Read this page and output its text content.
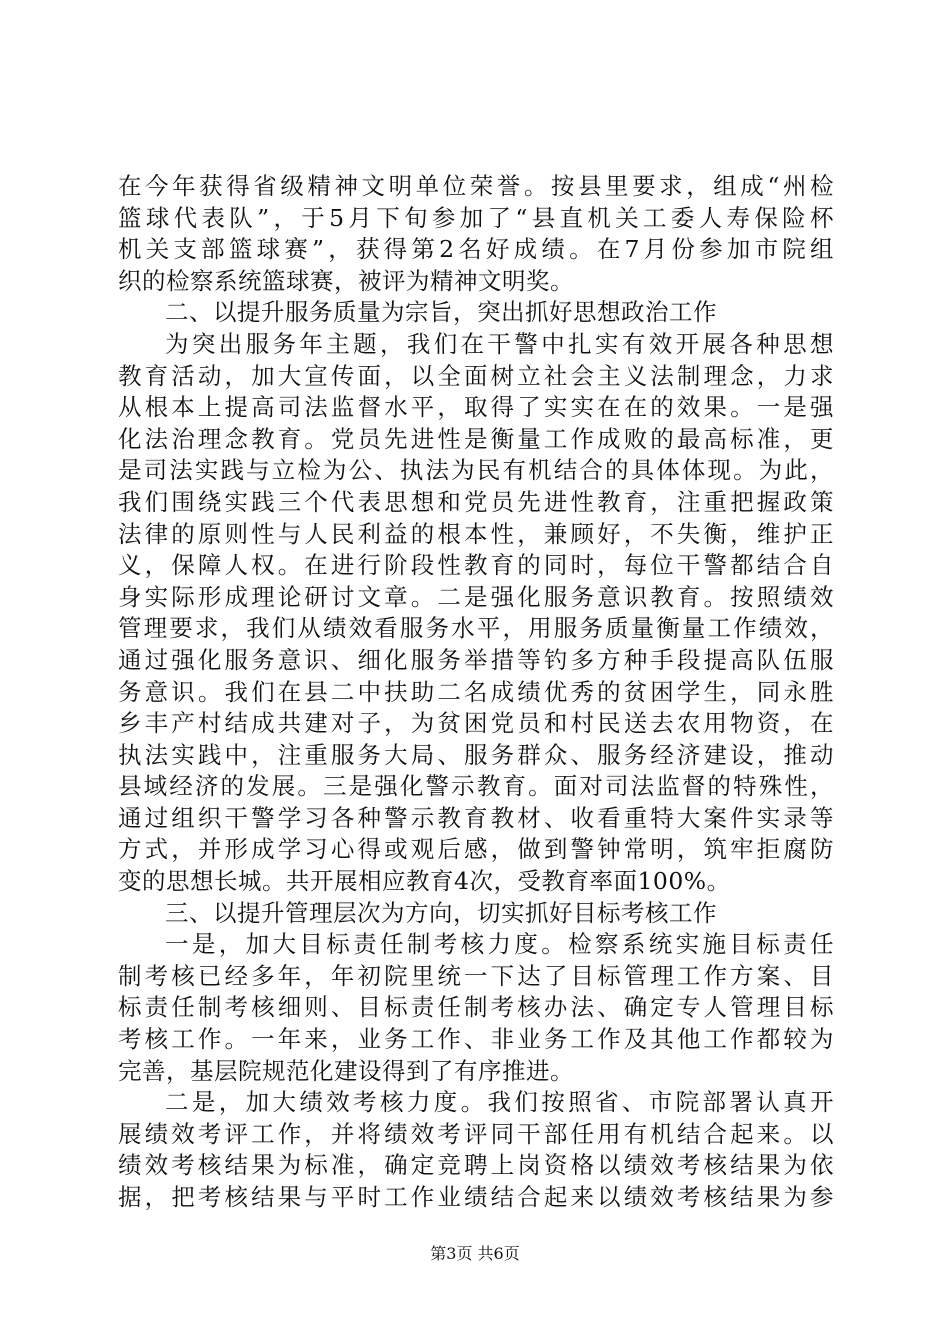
在今年获得省级精神文明单位荣誉。按县里要求，组成“州检
篮球代表队”，于5月下旬参加了“县直机关工委人寿保险杯
机关支部篮球赛”，获得第2名好成绩。在7月份参加市院组
织的检察系统篮球赛，被评为精神文明奖。
二、以提升服务质量为宗旨，突出抓好思想政治工作
为突出服务年主题，我们在干警中扎实有效开展各种思想
教育活动，加大宣传面，以全面树立社会主义法制理念，力求
从根本上提高司法监督水平，取得了实实在在的效果。一是强
化法治理念教育。党员先进性是衡量工作成败的最高标准，更
是司法实践与立检为公、执法为民有机结合的具体体现。为此，
我们围绕实践三个代表思想和党员先进性教育，注重把握政策
法律的原则性与人民利益的根本性，兼顾好，不失衡，维护正
义，保障人权。在进行阶段性教育的同时，每位干警都结合自
身实际形成理论研讨文章。二是强化服务意识教育。按照绩效
管理要求，我们从绩效看服务水平，用服务质量衡量工作绩效，
通过强化服务意识、细化服务举措等钓多方种手段提高队伍服
务意识。我们在县二中扶助二名成绩优秀的贫困学生，同永胜
乡丰产村结成共建对子，为贫困党员和村民送去农用物资，在
执法实践中，注重服务大局、服务群众、服务经济建设，推动
县域经济的发展。三是强化警示教育。面对司法监督的特殊性，
通过组织干警学习各种警示教育教材、收看重特大案件实录等
方式，并形成学习心得或观后感，做到警钟常明，筑牢拒腐防
变的思想长城。共开展相应教育4次，受教育率面100%。
三、以提升管理层次为方向，切实抓好目标考核工作
一是，加大目标责任制考核力度。检察系统实施目标责任
制考核已经多年，年初院里统一下达了目标管理工作方案、目
标责任制考核细则、目标责任制考核办法、确定专人管理目标
考核工作。一年来，业务工作、非业务工作及其他工作都较为
完善，基层院规范化建设得到了有序推进。
二是，加大绩效考核力度。我们按照省、市院部署认真开
展绩效考评工作，并将绩效考评同干部任用有机结合起来。以
绩效考核结果为标准，确定竞聘上岗资格以绩效考核结果为依
据，把考核结果与平时工作业绩结合起来以绩效考核结果为参
第3页 共6页
